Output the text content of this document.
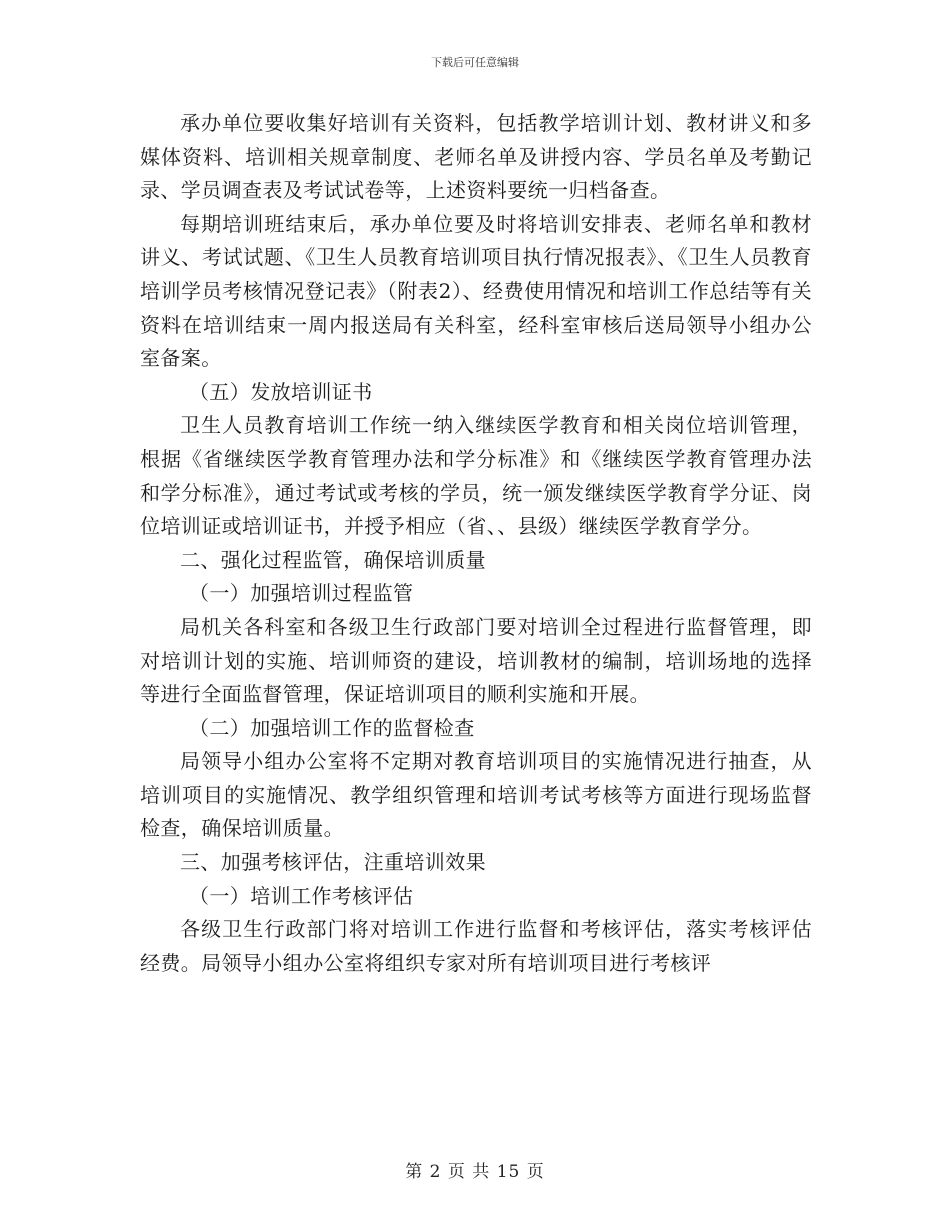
下载后可任意编辑

承办单位要收集好培训有关资料，包括教学培训计划、教材讲义和多媒体资料、培训相关规章制度、老师名单及讲授内容、学员名单及考勤记录、学员调查表及考试试卷等，上述资料要统一归档备查。

每期培训班结束后，承办单位要及时将培训安排表、老师名单和教材讲义、考试试题、《卫生人员教育培训项目执行情况报表》、《卫生人员教育培训学员考核情况登记表》（附表2）、经费使用情况和培训工作总结等有关资料在培训结束一周内报送局有关科室，经科室审核后送局领导小组办公室备案。

（五）发放培训证书

卫生人员教育培训工作统一纳入继续医学教育和相关岗位培训管理，根据《省继续医学教育管理办法和学分标准》和《继续医学教育管理办法和学分标准》，通过考试或考核的学员，统一颁发继续医学教育学分证、岗位培训证或培训证书，并授予相应（省、、县级）继续医学教育学分。

二、强化过程监管，确保培训质量

（一）加强培训过程监管

局机关各科室和各级卫生行政部门要对培训全过程进行监督管理，即对培训计划的实施、培训师资的建设，培训教材的编制，培训场地的选择等进行全面监督管理，保证培训项目的顺利实施和开展。

（二）加强培训工作的监督检查

局领导小组办公室将不定期对教育培训项目的实施情况进行抽查，从培训项目的实施情况、教学组织管理和培训考试考核等方面进行现场监督检查，确保培训质量。

三、加强考核评估，注重培训效果

（一）培训工作考核评估

各级卫生行政部门将对培训工作进行监督和考核评估，落实考核评估经费。局领导小组办公室将组织专家对所有培训项目进行考核评

第 2 页 共 15 页
